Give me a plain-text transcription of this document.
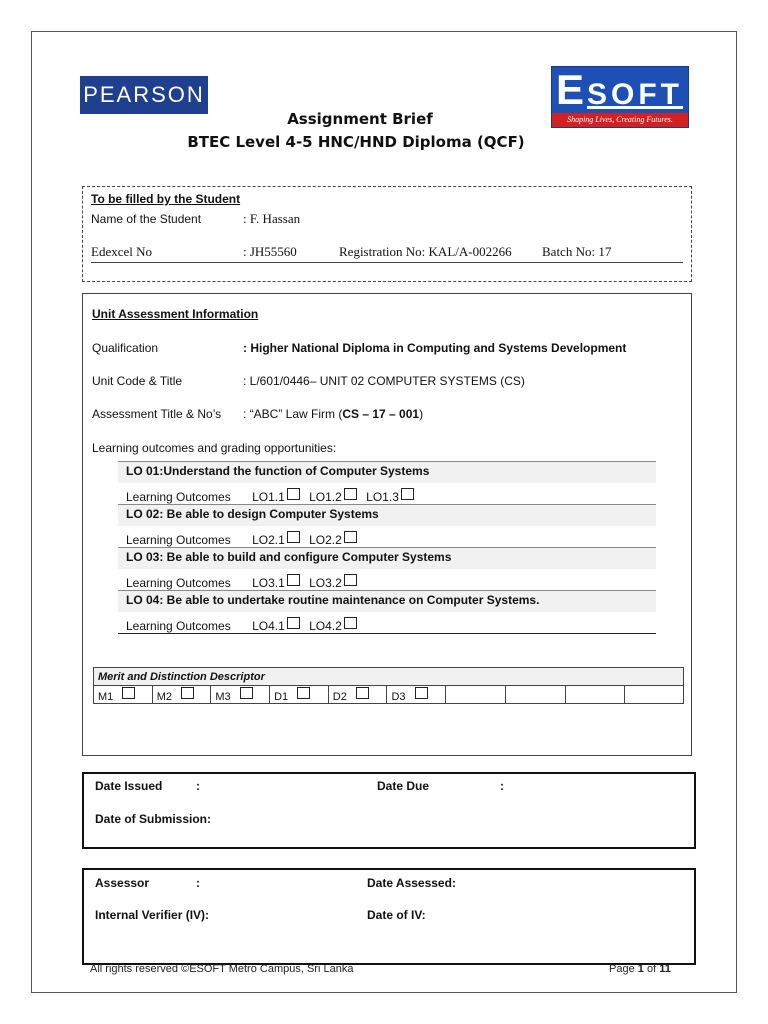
PEARSON	ESOFT
Shaping Lives, Creating Futures.
Assignment Brief
BTEC Level 4-5 HNC/HND Diploma (QCF)
To be filled by the Student
Name of the Student	: F. Hassan
Edexcel No	: JH55560	Registration No: KAL/A-002266 Batch No: 17
Unit Assessment Information
Qualification	: Higher National Diploma in Computing and Systems Development
Unit Code & Title	: L/601/0446– UNIT 02 COMPUTER SYSTEMS (CS)
Assessment Title & No’s : “ABC” Law Firm (CS – 17 – 001)
Learning outcomes and grading opportunities:
LO 01:Understand the function of Computer Systems
Learning Outcomes LO1.1 LO1.2 LO1.3
LO 02: Be able to design Computer Systems
Learning Outcomes LO2.1 LO2.2
LO 03: Be able to build and configure Computer Systems
Learning Outcomes LO3.1 LO3.2
LO 04: Be able to undertake routine maintenance on Computer Systems.
Learning Outcomes LO4.1 LO4.2
Merit and Distinction Descriptor
M1	M2	M3	D1	D2	D3				
Date Issued	:	Date Due	:
Date of Submission:
Assessor	:	Date Assessed:
Internal Verifier (IV):	Date of IV:
All rights reserved ©ESOFT Metro Campus, Sri Lanka	Page 1 of 11
